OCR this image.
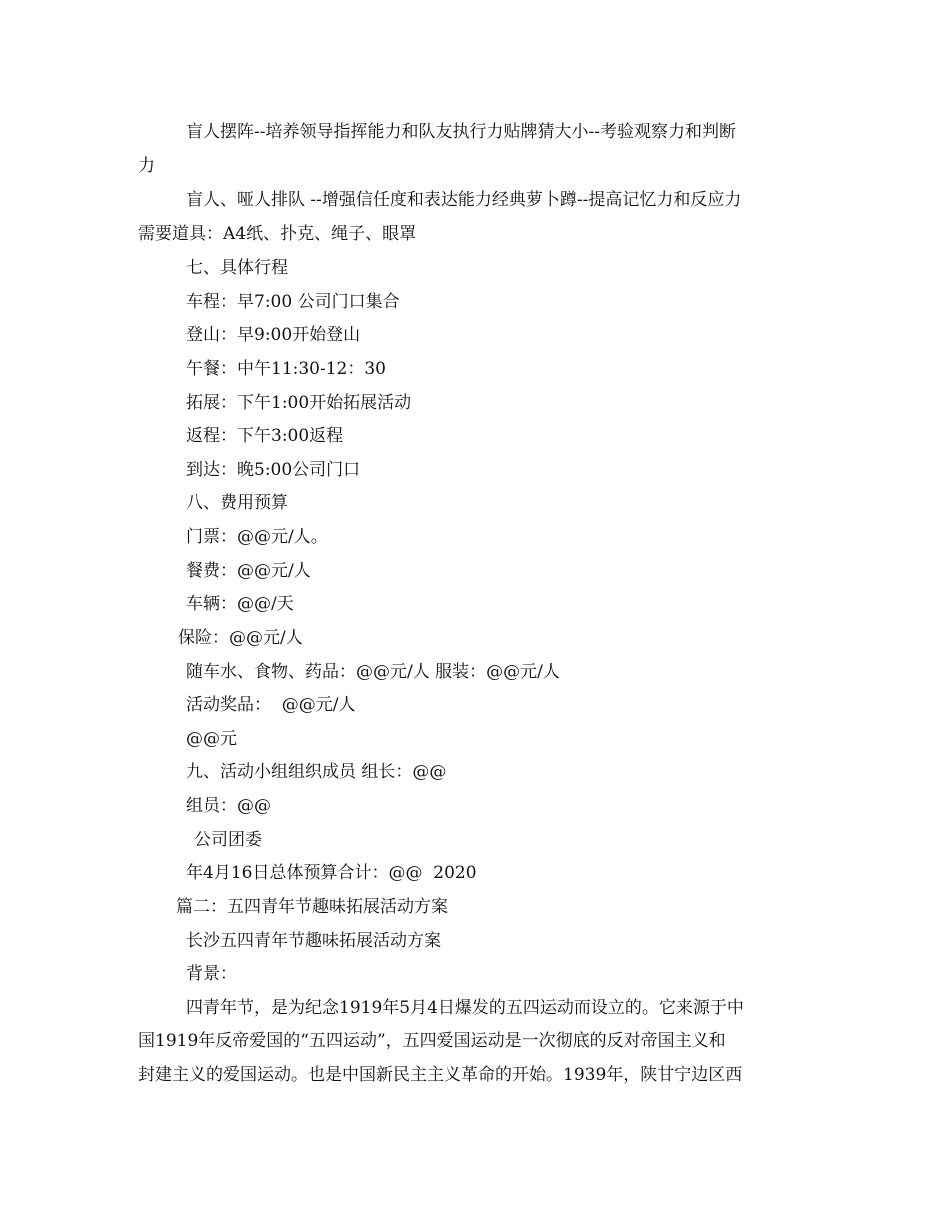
盲人摆阵--培养领导指挥能力和队友执行力贴牌猜大小--考验观察力和判断
力
盲人、哑人排队 --增强信任度和表达能力经典萝卜蹲--提高记忆力和反应力
需要道具：A4纸、扑克、绳子、眼罩
七、具体行程
车程：早7:00 公司门口集合
登山：早9:00开始登山
午餐：中午11:30-12：30
拓展：下午1:00开始拓展活动
返程：下午3:00返程
到达：晚5:00公司门口
八、费用预算
门票：@@元/人。
餐费：@@元/人
车辆：@@/天
保险：@@元/人
随车水、食物、药品：@@元/人 服装：@@元/人
活动奖品：  @@元/人
@@元
九、活动小组组织成员 组长：@@
组员：@@
公司团委
年4月16日总体预算合计：@@  2020
篇二：五四青年节趣味拓展活动方案
长沙五四青年节趣味拓展活动方案
背景：
四青年节，是为纪念1919年5月4日爆发的五四运动而设立的。它来源于中
国1919年反帝爱国的“五四运动”，五四爱国运动是一次彻底的反对帝国主义和
封建主义的爱国运动。也是中国新民主主义革命的开始。1939年，陕甘宁边区西
